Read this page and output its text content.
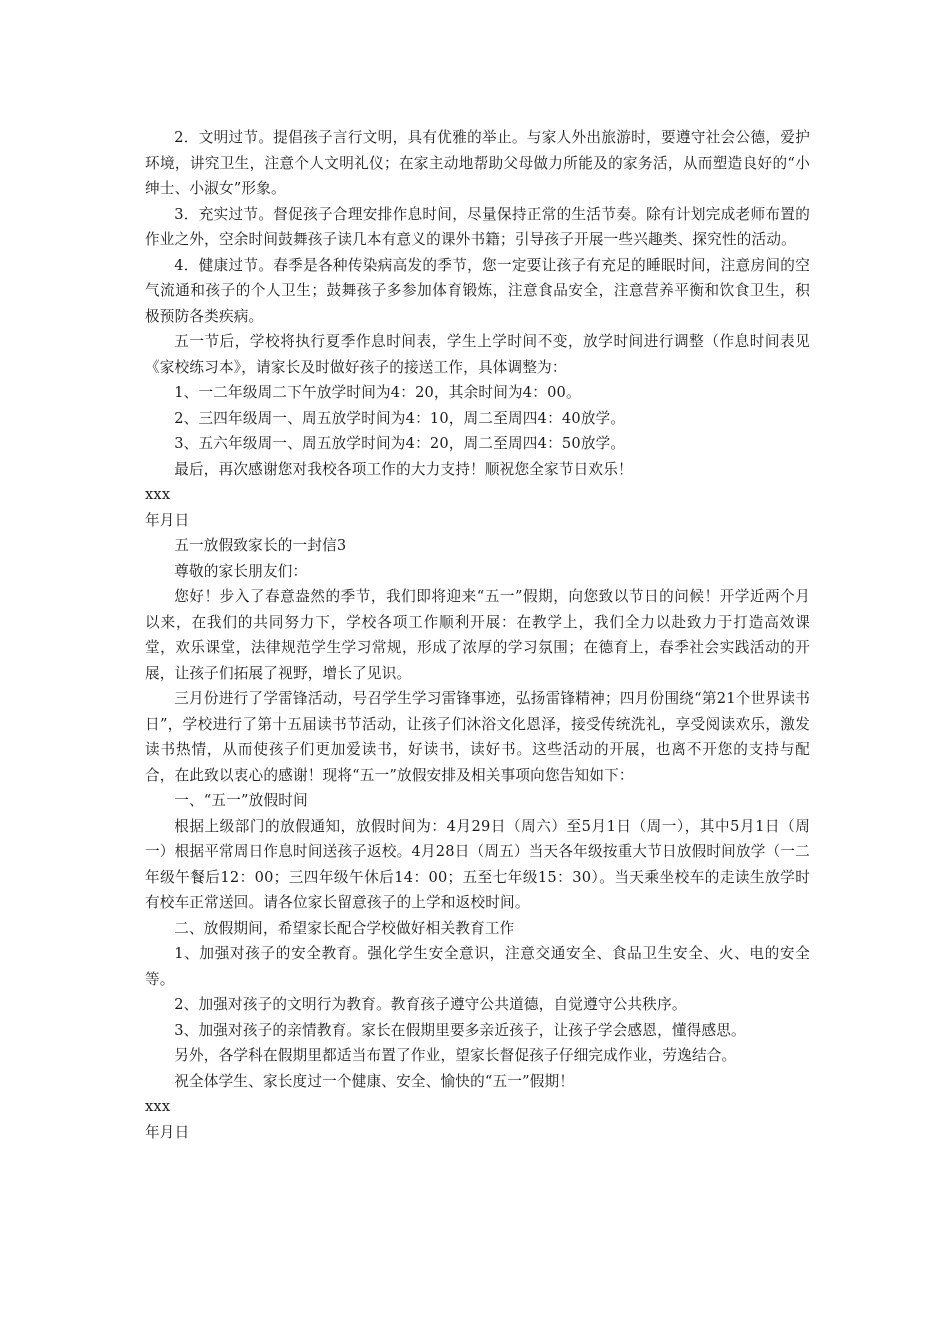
2．文明过节。提倡孩子言行文明，具有优雅的举止。与家人外出旅游时，要遵守社会公德，爱护环境，讲究卫生，注意个人文明礼仪；在家主动地帮助父母做力所能及的家务活，从而塑造良好的“小绅士、小淑女”形象。

3．充实过节。督促孩子合理安排作息时间，尽量保持正常的生活节奏。除有计划完成老师布置的作业之外，空余时间鼓舞孩子读几本有意义的课外书籍；引导孩子开展一些兴趣类、探究性的活动。

4．健康过节。春季是各种传染病高发的季节，您一定要让孩子有充足的睡眠时间，注意房间的空气流通和孩子的个人卫生；鼓舞孩子多参加体育锻炼，注意食品安全，注意营养平衡和饮食卫生，积极预防各类疾病。

五一节后，学校将执行夏季作息时间表，学生上学时间不变，放学时间进行调整（作息时间表见《家校练习本》，请家长及时做好孩子的接送工作，具体调整为：

1、一二年级周二下午放学时间为4：20，其余时间为4：00。

2、三四年级周一、周五放学时间为4：10，周二至周四4：40放学。

3、五六年级周一、周五放学时间为4：20，周二至周四4：50放学。

最后，再次感谢您对我校各项工作的大力支持！顺祝您全家节日欢乐！

xxx

年月日

五一放假致家长的一封信3

尊敬的家长朋友们：

您好！步入了春意盎然的季节，我们即将迎来“五一”假期，向您致以节日的问候！开学近两个月以来，在我们的共同努力下，学校各项工作顺利开展：在教学上，我们全力以赴致力于打造高效课堂，欢乐课堂，法律规范学生学习常规，形成了浓厚的学习氛围；在德育上，春季社会实践活动的开展，让孩子们拓展了视野，增长了见识。

三月份进行了学雷锋活动，号召学生学习雷锋事迹，弘扬雷锋精神；四月份围绕“第21个世界读书日”，学校进行了第十五届读书节活动，让孩子们沐浴文化恩泽，接受传统洗礼，享受阅读欢乐，激发读书热情，从而使孩子们更加爱读书，好读书，读好书。这些活动的开展，也离不开您的支持与配合，在此致以衷心的感谢！现将“五一”放假安排及相关事项向您告知如下：

一、“五一”放假时间

根据上级部门的放假通知，放假时间为：4月29日（周六）至5月1日（周一），其中5月1日（周一）根据平常周日作息时间送孩子返校。4月28日（周五）当天各年级按重大节日放假时间放学（一二年级午餐后12：00；三四年级午休后14：00；五至七年级15：30）。当天乘坐校车的走读生放学时有校车正常送回。请各位家长留意孩子的上学和返校时间。

二、放假期间，希望家长配合学校做好相关教育工作

1、加强对孩子的安全教育。强化学生安全意识，注意交通安全、食品卫生安全、火、电的安全等。

2、加强对孩子的文明行为教育。教育孩子遵守公共道德，自觉遵守公共秩序。

3、加强对孩子的亲情教育。家长在假期里要多亲近孩子，让孩子学会感恩，懂得感思。

另外，各学科在假期里都适当布置了作业，望家长督促孩子仔细完成作业，劳逸结合。

祝全体学生、家长度过一个健康、安全、愉快的“五一”假期！

xxx

年月日
